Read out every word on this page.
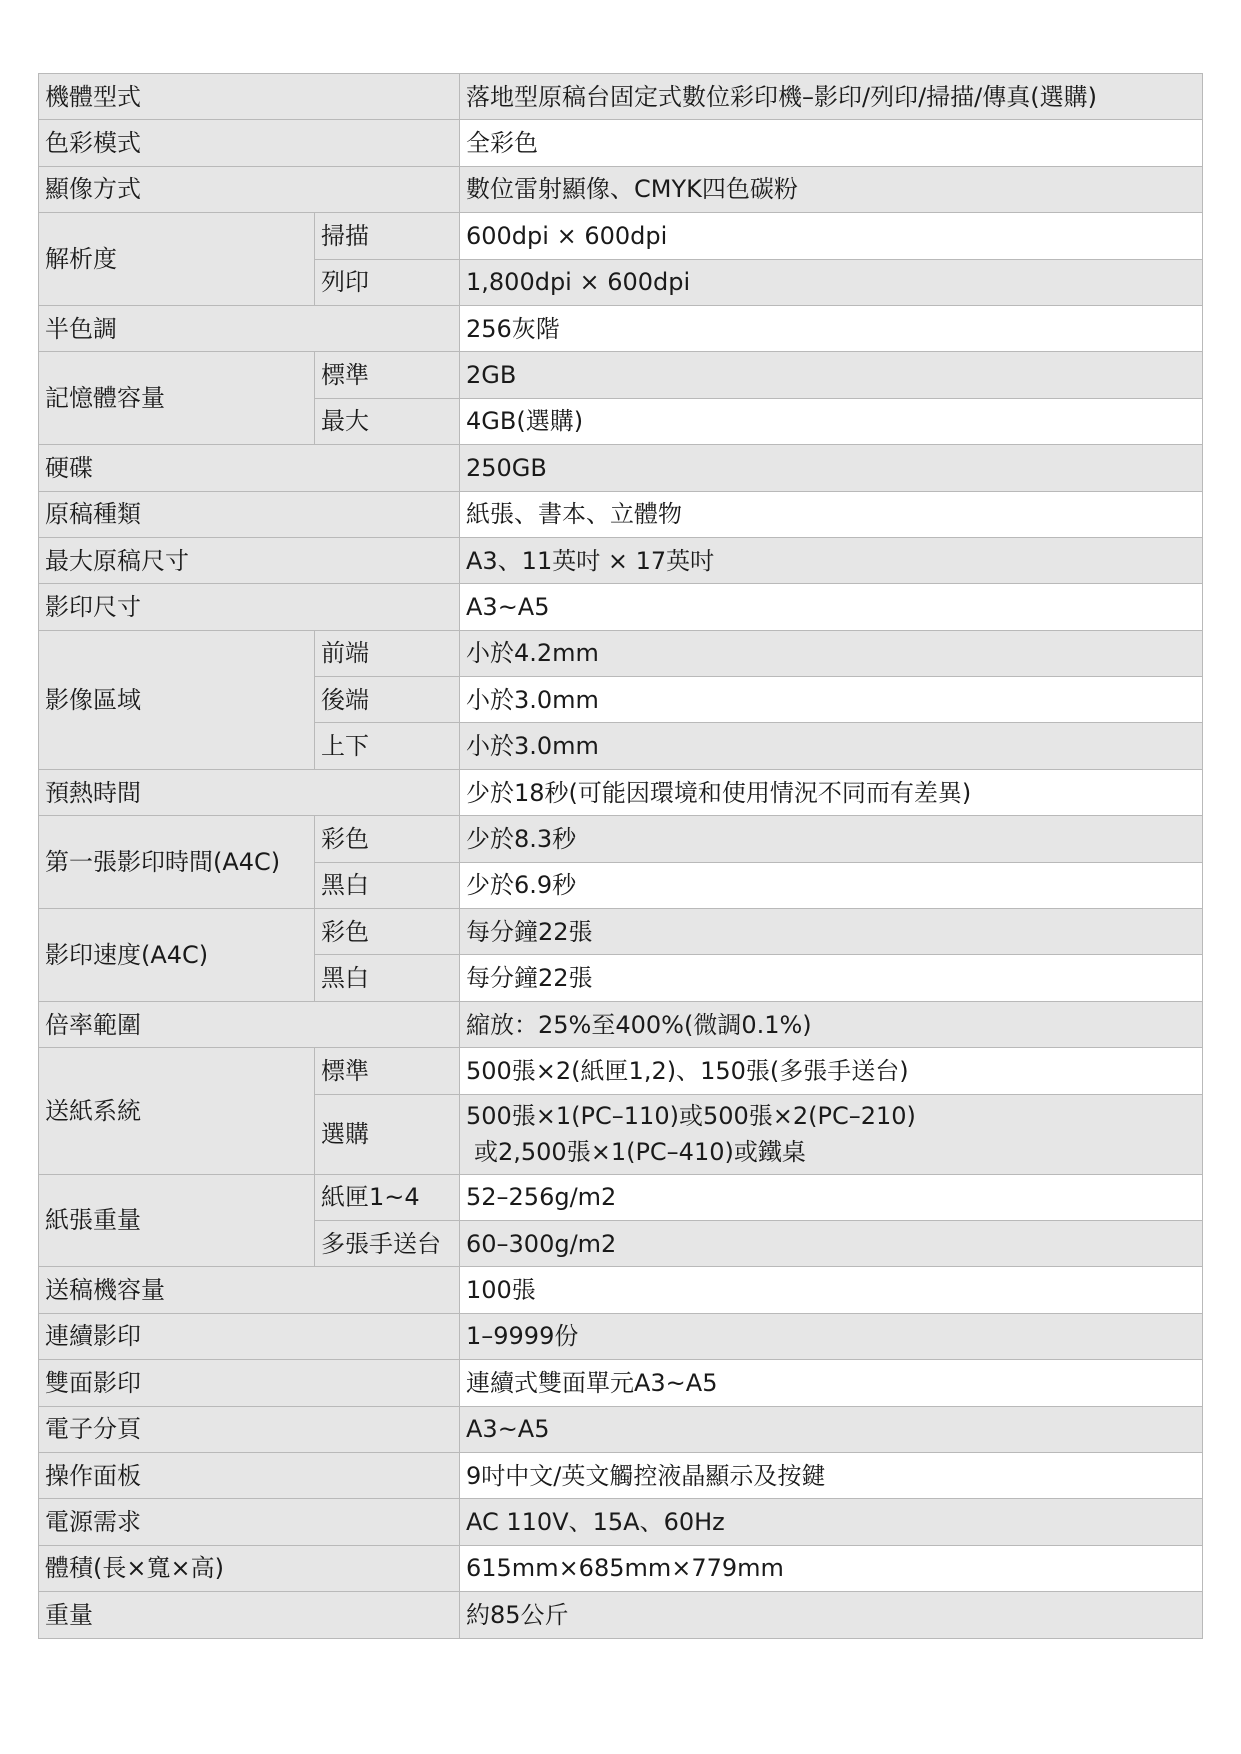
機體型式		落地型原稿台固定式數位彩印機–影印/列印/掃描/傳真(選購)
色彩模式		全彩色
顯像方式		數位雷射顯像、CMYK四色碳粉
解析度	掃描	600dpi × 600dpi

	列印	1,800dpi × 600dpi

半色調		256灰階
記憶體容量	標準	2GB

	最大	4GB(選購)

硬碟		250GB
原稿種類		紙張、書本、立體物
最大原稿尺寸		A3、11英吋 × 17英吋
影印尺寸		A3~A5
影像區域	前端	小於4.2mm

	後端	小於3.0mm

	上下	小於3.0mm

預熱時間		少於18秒(可能因環境和使用情況不同而有差異)
第一張影印時間(A4C)	彩色	少於8.3秒

	黑白	少於6.9秒

影印速度(A4C)	彩色	每分鐘22張

	黑白	每分鐘22張

倍率範圍		縮放：25%至400%(微調0.1%)
送紙系統	標準	500張×2(紙匣1,2)、150張(多張手送台)

	選購	500張×1(PC–110)或500張×2(PC–210)
或2,500張×1(PC–410)或鐵桌

紙張重量	紙匣1~4	52–256g/m2

	多張手送台	60–300g/m2

送稿機容量		100張
連續影印		1–9999份
雙面影印		連續式雙面單元A3~A5
電子分頁		A3~A5
操作面板		9吋中文/英文觸控液晶顯示及按鍵
電源需求		AC 110V、15A、60Hz
體積(長×寬×高)		615mm×685mm×779mm
重量		約85公斤
